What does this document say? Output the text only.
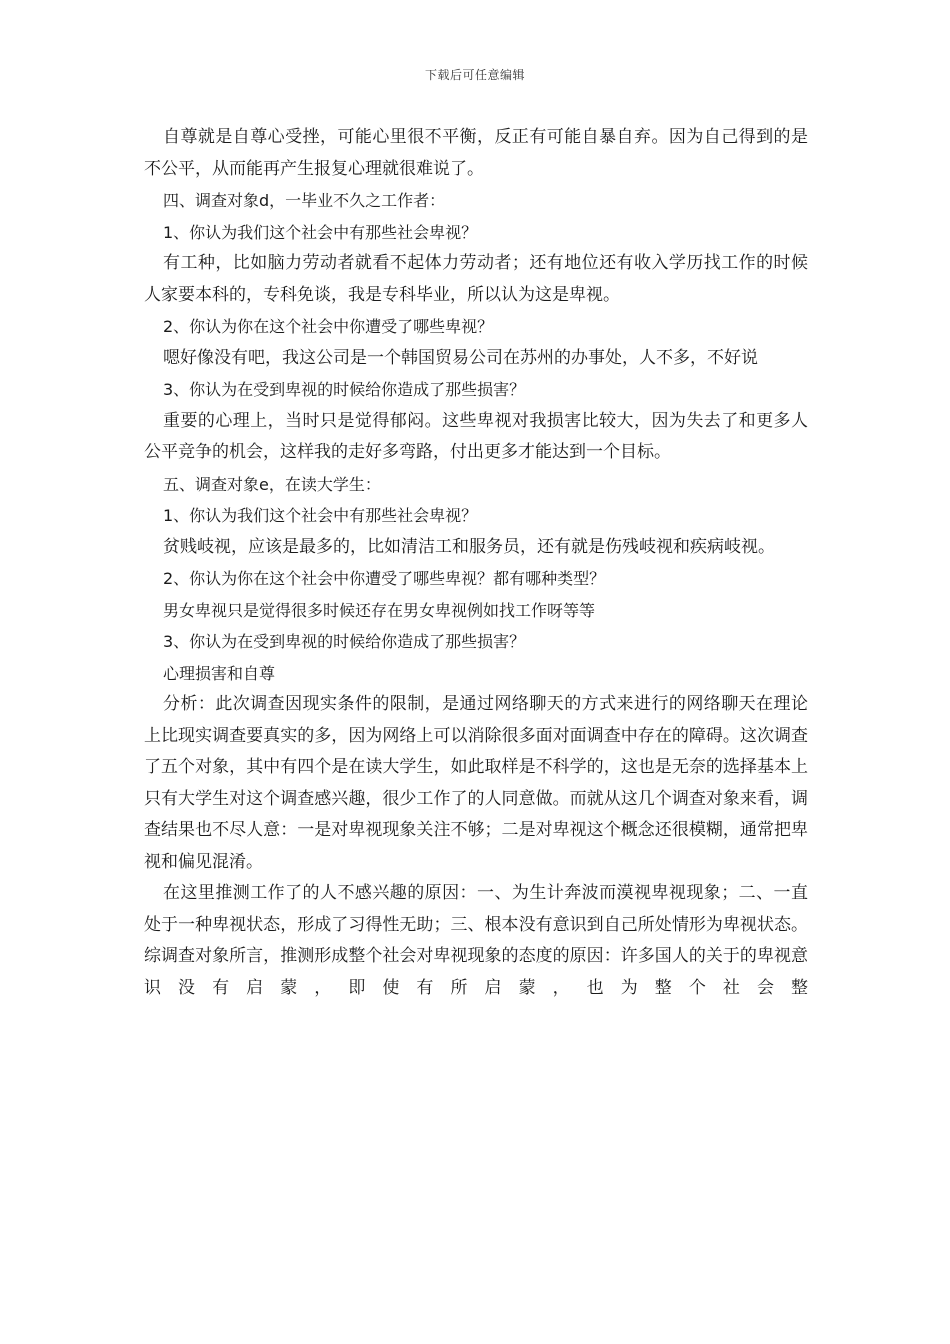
下载后可任意编辑

自尊就是自尊心受挫，可能心里很不平衡，反正有可能自暴自弃。因为自己得到的是不公平，从而能再产生报复心理就很难说了。

四、调查对象d，一毕业不久之工作者：

1、你认为我们这个社会中有那些社会卑视？

有工种，比如脑力劳动者就看不起体力劳动者；还有地位还有收入学历找工作的时候人家要本科的，专科免谈，我是专科毕业，所以认为这是卑视。

2、你认为你在这个社会中你遭受了哪些卑视？

嗯好像没有吧，我这公司是一个韩国贸易公司在苏州的办事处，人不多，不好说

3、你认为在受到卑视的时候给你造成了那些损害？

重要的心理上，当时只是觉得郁闷。这些卑视对我损害比较大，因为失去了和更多人公平竞争的机会，这样我的走好多弯路，付出更多才能达到一个目标。

五、调查对象e，在读大学生：

1、你认为我们这个社会中有那些社会卑视？

贫贱岐视，应该是最多的，比如清洁工和服务员，还有就是伤残岐视和疾病岐视。

2、你认为你在这个社会中你遭受了哪些卑视？都有哪种类型？

男女卑视只是觉得很多时候还存在男女卑视例如找工作呀等等

3、你认为在受到卑视的时候给你造成了那些损害？

心理损害和自尊

分析：此次调查因现实条件的限制，是通过网络聊天的方式来进行的网络聊天在理论上比现实调查要真实的多，因为网络上可以消除很多面对面调查中存在的障碍。这次调查了五个对象，其中有四个是在读大学生，如此取样是不科学的，这也是无奈的选择基本上只有大学生对这个调查感兴趣，很少工作了的人同意做。而就从这几个调查对象来看，调查结果也不尽人意：一是对卑视现象关注不够；二是对卑视这个概念还很模糊，通常把卑视和偏见混淆。

在这里推测工作了的人不感兴趣的原因：一、为生计奔波而漠视卑视现象；二、一直处于一种卑视状态，形成了习得性无助；三、根本没有意识到自己所处情形为卑视状态。综调查对象所言，推测形成整个社会对卑视现象的态度的原因：许多国人的关于的卑视意识没有启蒙，即使有所启蒙，也为整个社会整
